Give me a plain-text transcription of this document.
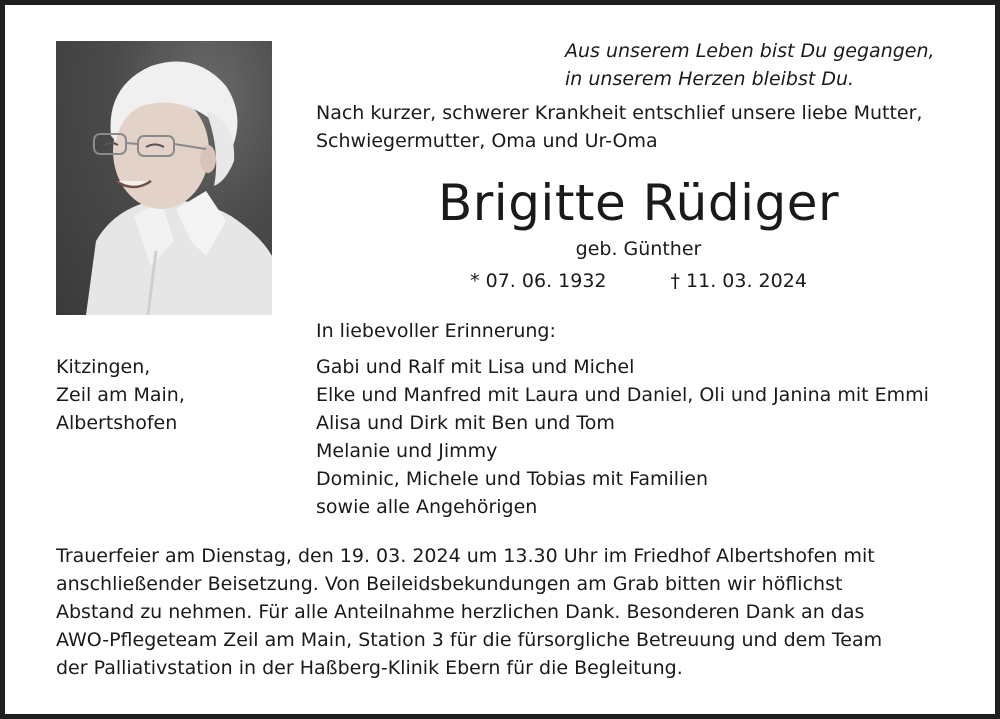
Aus unserem Leben bist Du gegangen,
in unserem Herzen bleibst Du.
Nach kurzer, schwerer Krankheit entschlief unsere liebe Mutter,
Schwiegermutter, Oma und Ur-Oma
Brigitte Rüdiger
geb. Günther
* 07. 06. 1932	† 11. 03. 2024
In liebevoller Erinnerung:
Kitzingen,
Zeil am Main,
Albertshofen
Gabi und Ralf mit Lisa und Michel
Elke und Manfred mit Laura und Daniel, Oli und Janina mit Emmi
Alisa und Dirk mit Ben und Tom
Melanie und Jimmy
Dominic, Michele und Tobias mit Familien
sowie alle Angehörigen
Trauerfeier am Dienstag, den 19. 03. 2024 um 13.30 Uhr im Friedhof Albertshofen mit
anschließender Beisetzung. Von Beileidsbekundungen am Grab bitten wir höflichst
Abstand zu nehmen. Für alle Anteilnahme herzlichen Dank. Besonderen Dank an das
AWO-Pflegeteam Zeil am Main, Station 3 für die fürsorgliche Betreuung und dem Team
der Palliativstation in der Haßberg-Klinik Ebern für die Begleitung.
